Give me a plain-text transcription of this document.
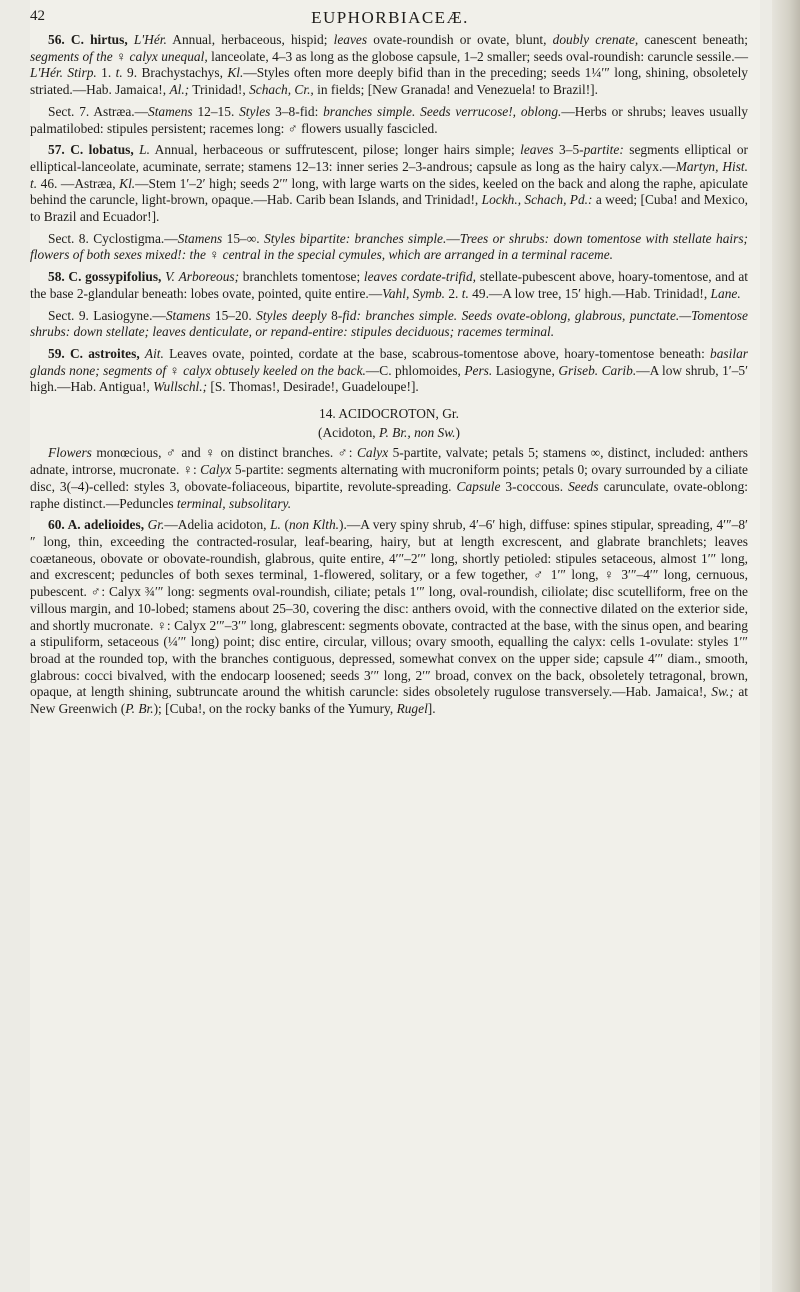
42	EUPHORBIACEÆ.

56. C. hirtus, L'Hér. Annual, herbaceous, hispid; leaves ovate-roundish or ovate, blunt, doubly crenate, canescent beneath; segments of the ♀ calyx unequal, lanceolate, 4–3 as long as the globose capsule, 1–2 smaller; seeds oval-roundish: caruncle sessile.—L'Hér. Stirp. 1. t. 9. Brachystachys, Kl.—Styles often more deeply bifid than in the preceding; seeds 1¼′″ long, shining, obsoletely striated.—Hab. Jamaica!, Al.; Trinidad!, Schach, Cr., in fields; [New Granada! and Venezuela! to Brazil!].

Sect. 7. Astræa.—Stamens 12–15. Styles 3–8-fid: branches simple. Seeds verrucose!, oblong.—Herbs or shrubs; leaves usually palmatilobed: stipules persistent; racemes long: ♂ flowers usually fascicled.

57. C. lobatus, L. Annual, herbaceous or suffrutescent, pilose; longer hairs simple; leaves 3–5-partite: segments elliptical or elliptical-lanceolate, acuminate, serrate; stamens 12–13: inner series 2–3-androus; capsule as long as the hairy calyx.—Martyn, Hist. t. 46. —Astræa, Kl.—Stem 1′–2′ high; seeds 2′″ long, with large warts on the sides, keeled on the back and along the raphe, apiculate behind the caruncle, light-brown, opaque.—Hab. Carib bean Islands, and Trinidad!, Lockh., Schach, Pd.: a weed; [Cuba! and Mexico, to Brazil and Ecuador!].

Sect. 8. Cyclostigma.—Stamens 15–∞. Styles bipartite: branches simple.—Trees or shrubs: down tomentose with stellate hairs; flowers of both sexes mixed!: the ♀ central in the special cymules, which are arranged in a terminal raceme.

58. C. gossypifolius, V. Arboreous; branchlets tomentose; leaves cordate-trifid, stellate-pubescent above, hoary-tomentose, and at the base 2-glandular beneath: lobes ovate, pointed, quite entire.—Vahl, Symb. 2. t. 49.—A low tree, 15′ high.—Hab. Trinidad!, Lane.

Sect. 9. Lasiogyne.—Stamens 15–20. Styles deeply 8-fid: branches simple. Seeds ovate-oblong, glabrous, punctate.—Tomentose shrubs: down stellate; leaves denticulate, or repand-entire: stipules deciduous; racemes terminal.

59. C. astroites, Ait. Leaves ovate, pointed, cordate at the base, scabrous-tomentose above, hoary-tomentose beneath: basilar glands none; segments of ♀ calyx obtusely keeled on the back.—C. phlomoides, Pers. Lasiogyne, Griseb. Carib.—A low shrub, 1′–5′ high.—Hab. Antigua!, Wullschl.; [S. Thomas!, Desirade!, Guadeloupe!].

14. ACIDOCROTON, Gr.

(Acidoton, P. Br., non Sw.)

Flowers monœcious, ♂ and ♀ on distinct branches. ♂: Calyx 5-partite, valvate; petals 5; stamens ∞, distinct, included: anthers adnate, introrse, mucronate. ♀: Calyx 5-partite: segments alternating with mucroniform points; petals 0; ovary surrounded by a ciliate disc, 3(–4)-celled: styles 3, obovate-foliaceous, bipartite, revolute-spreading. Capsule 3-coccous. Seeds carunculate, ovate-oblong: raphe distinct.—Peduncles terminal, subsolitary.

60. A. adelioides, Gr.—Adelia acidoton, L. (non Klth.).—A very spiny shrub, 4′–6′ high, diffuse: spines stipular, spreading, 4′″–8′″ long, thin, exceeding the contracted-rosular, leaf-bearing, hairy, but at length excrescent, and glabrate branchlets; leaves coætaneous, obovate or obovate-roundish, glabrous, quite entire, 4′″–2′″ long, shortly petioled: stipules setaceous, almost 1′″ long, and excrescent; peduncles of both sexes terminal, 1-flowered, solitary, or a few together, ♂ 1′″ long, ♀ 3′″–4′″ long, cernuous, pubescent. ♂: Calyx ¾′″ long: segments oval-roundish, ciliate; petals 1′″ long, oval-roundish, ciliolate; disc scutelliform, free on the villous margin, and 10-lobed; stamens about 25–30, covering the disc: anthers ovoid, with the connective dilated on the exterior side, and shortly mucronate. ♀: Calyx 2′″–3′″ long, glabrescent: segments obovate, contracted at the base, with the sinus open, and bearing a stipuliform, setaceous (¼′″ long) point; disc entire, circular, villous; ovary smooth, equalling the calyx: cells 1-ovulate: styles 1′″ broad at the rounded top, with the branches contiguous, depressed, somewhat convex on the upper side; capsule 4′″ diam., smooth, glabrous: cocci bivalved, with the endocarp loosened; seeds 3′″ long, 2′″ broad, convex on the back, obsoletely tetragonal, brown, opaque, at length shining, subtruncate around the whitish caruncle: sides obsoletely rugulose transversely.—Hab. Jamaica!, Sw.; at New Greenwich (P. Br.); [Cuba!, on the rocky banks of the Yumury, Rugel].
